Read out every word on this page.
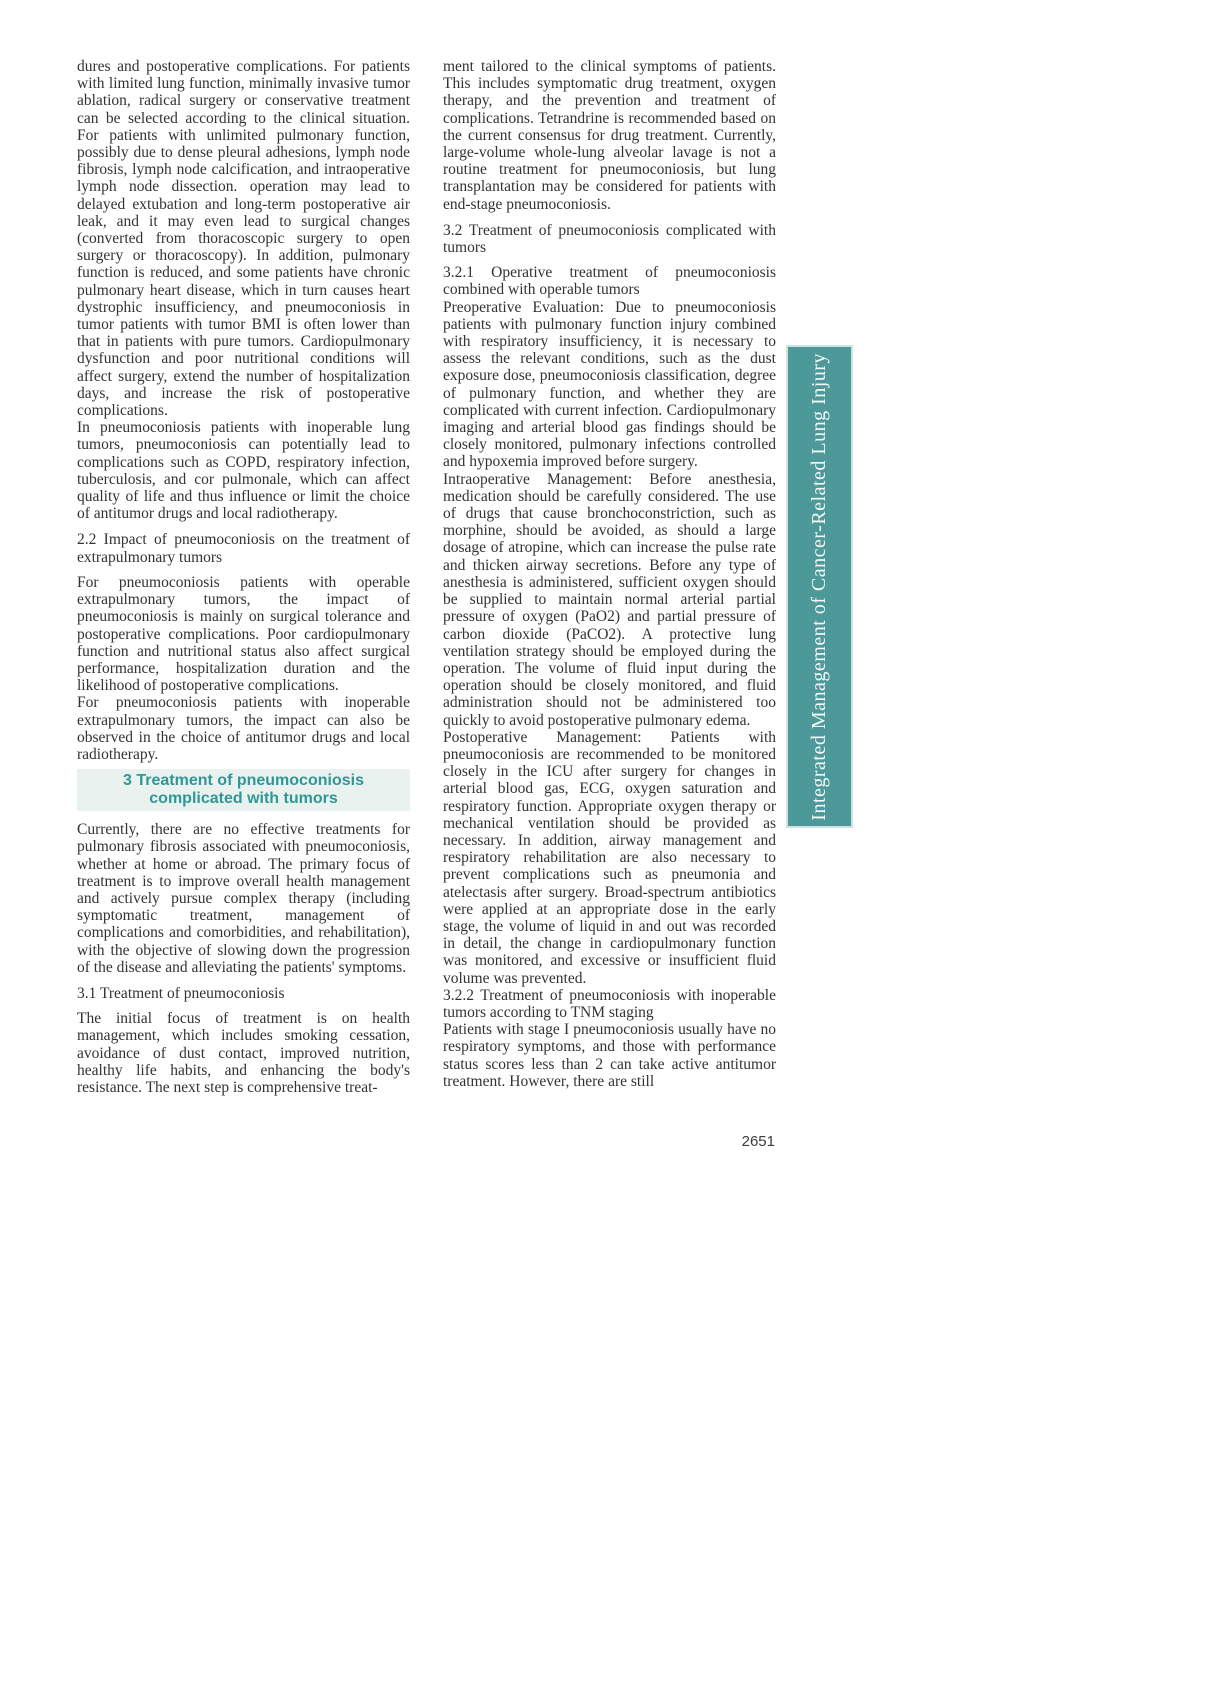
dures and postoperative complications. For patients with limited lung function, minimally invasive tumor ablation, radical surgery or conservative treatment can be selected according to the clinical situation. For patients with unlimited pulmonary function, possibly due to dense pleural adhesions, lymph node fibrosis, lymph node calcification, and intraoperative lymph node dissection. operation may lead to delayed extubation and long-term postoperative air leak, and it may even lead to surgical changes (converted from thoracoscopic surgery to open surgery or thoracoscopy). In addition, pulmonary function is reduced, and some patients have chronic pulmonary heart disease, which in turn causes heart dystrophic insufficiency, and pneumoconiosis in tumor patients with tumor BMI is often lower than that in patients with pure tumors. Cardiopulmonary dysfunction and poor nutritional conditions will affect surgery, extend the number of hospitalization days, and increase the risk of postoperative complications.
In pneumoconiosis patients with inoperable lung tumors, pneumoconiosis can potentially lead to complications such as COPD, respiratory infection, tuberculosis, and cor pulmonale, which can affect quality of life and thus influence or limit the choice of antitumor drugs and local radiotherapy.
2.2 Impact of pneumoconiosis on the treatment of extrapulmonary tumors
For pneumoconiosis patients with operable extrapulmonary tumors, the impact of pneumoconiosis is mainly on surgical tolerance and postoperative complications. Poor cardiopulmonary function and nutritional status also affect surgical performance, hospitalization duration and the likelihood of postoperative complications.
For pneumoconiosis patients with inoperable extrapulmonary tumors, the impact can also be observed in the choice of antitumor drugs and local radiotherapy.
3 Treatment of pneumoconiosis complicated with tumors
Currently, there are no effective treatments for pulmonary fibrosis associated with pneumoconiosis, whether at home or abroad. The primary focus of treatment is to improve overall health management and actively pursue complex therapy (including symptomatic treatment, management of complications and comorbidities, and rehabilitation), with the objective of slowing down the progression of the disease and alleviating the patients' symptoms.
3.1 Treatment of pneumoconiosis
The initial focus of treatment is on health management, which includes smoking cessation, avoidance of dust contact, improved nutrition, healthy life habits, and enhancing the body's resistance. The next step is comprehensive treat-
ment tailored to the clinical symptoms of patients. This includes symptomatic drug treatment, oxygen therapy, and the prevention and treatment of complications. Tetrandrine is recommended based on the current consensus for drug treatment. Currently, large-volume whole-lung alveolar lavage is not a routine treatment for pneumoconiosis, but lung transplantation may be considered for patients with end-stage pneumoconiosis.
3.2 Treatment of pneumoconiosis complicated with tumors
3.2.1 Operative treatment of pneumoconiosis combined with operable tumors
Preoperative Evaluation: Due to pneumoconiosis patients with pulmonary function injury combined with respiratory insufficiency, it is necessary to assess the relevant conditions, such as the dust exposure dose, pneumoconiosis classification, degree of pulmonary function, and whether they are complicated with current infection. Cardiopulmonary imaging and arterial blood gas findings should be closely monitored, pulmonary infections controlled and hypoxemia improved before surgery.
Intraoperative Management: Before anesthesia, medication should be carefully considered. The use of drugs that cause bronchoconstriction, such as morphine, should be avoided, as should a large dosage of atropine, which can increase the pulse rate and thicken airway secretions. Before any type of anesthesia is administered, sufficient oxygen should be supplied to maintain normal arterial partial pressure of oxygen (PaO2) and partial pressure of carbon dioxide (PaCO2). A protective lung ventilation strategy should be employed during the operation. The volume of fluid input during the operation should be closely monitored, and fluid administration should not be administered too quickly to avoid postoperative pulmonary edema.
Postoperative Management: Patients with pneumoconiosis are recommended to be monitored closely in the ICU after surgery for changes in arterial blood gas, ECG, oxygen saturation and respiratory function. Appropriate oxygen therapy or mechanical ventilation should be provided as necessary. In addition, airway management and respiratory rehabilitation are also necessary to prevent complications such as pneumonia and atelectasis after surgery. Broad-spectrum antibiotics were applied at an appropriate dose in the early stage, the volume of liquid in and out was recorded in detail, the change in cardiopulmonary function was monitored, and excessive or insufficient fluid volume was prevented.
3.2.2 Treatment of pneumoconiosis with inoperable tumors according to TNM staging
Patients with stage I pneumoconiosis usually have no respiratory symptoms, and those with performance status scores less than 2 can take active antitumor treatment. However, there are still
Integrated Management of Cancer-Related Lung Injury
2651
